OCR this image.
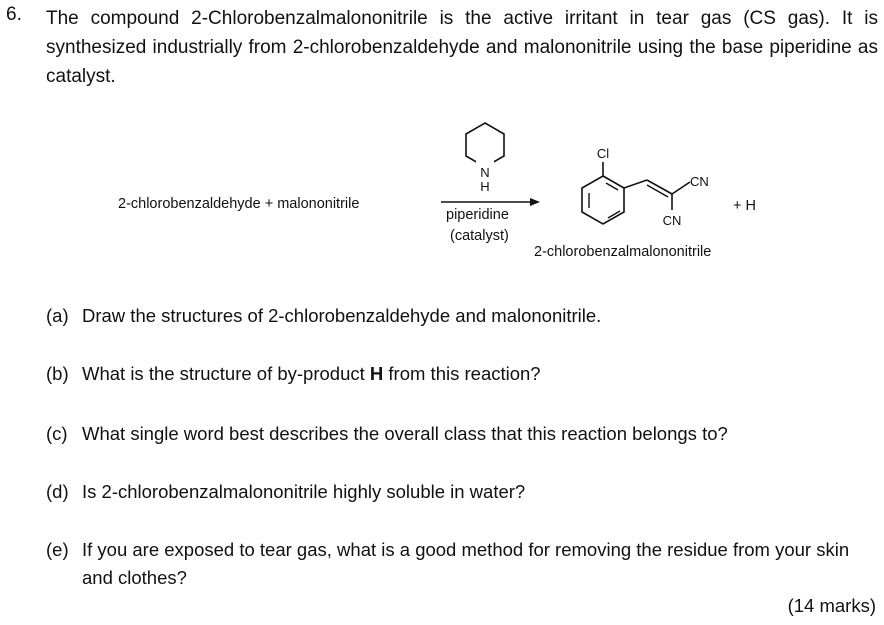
6. The compound 2-Chlorobenzalmalononitrile is the active irritant in tear gas (CS gas). It is synthesized industrially from 2-chlorobenzaldehyde and malononitrile using the base piperidine as catalyst.
2-chlorobenzaldehyde + malononitrile
N
H
Cl
CN
CN
+ H
piperidine
(catalyst)
2-chlorobenzalmalononitrile
(a) Draw the structures of 2-chlorobenzaldehyde and malononitrile.
(b) What is the structure of by-product H from this reaction?
(c) What single word best describes the overall class that this reaction belongs to?
(d) Is 2-chlorobenzalmalononitrile highly soluble in water?
(e) If you are exposed to tear gas, what is a good method for removing the residue from your skin and clothes?
(14 marks)
